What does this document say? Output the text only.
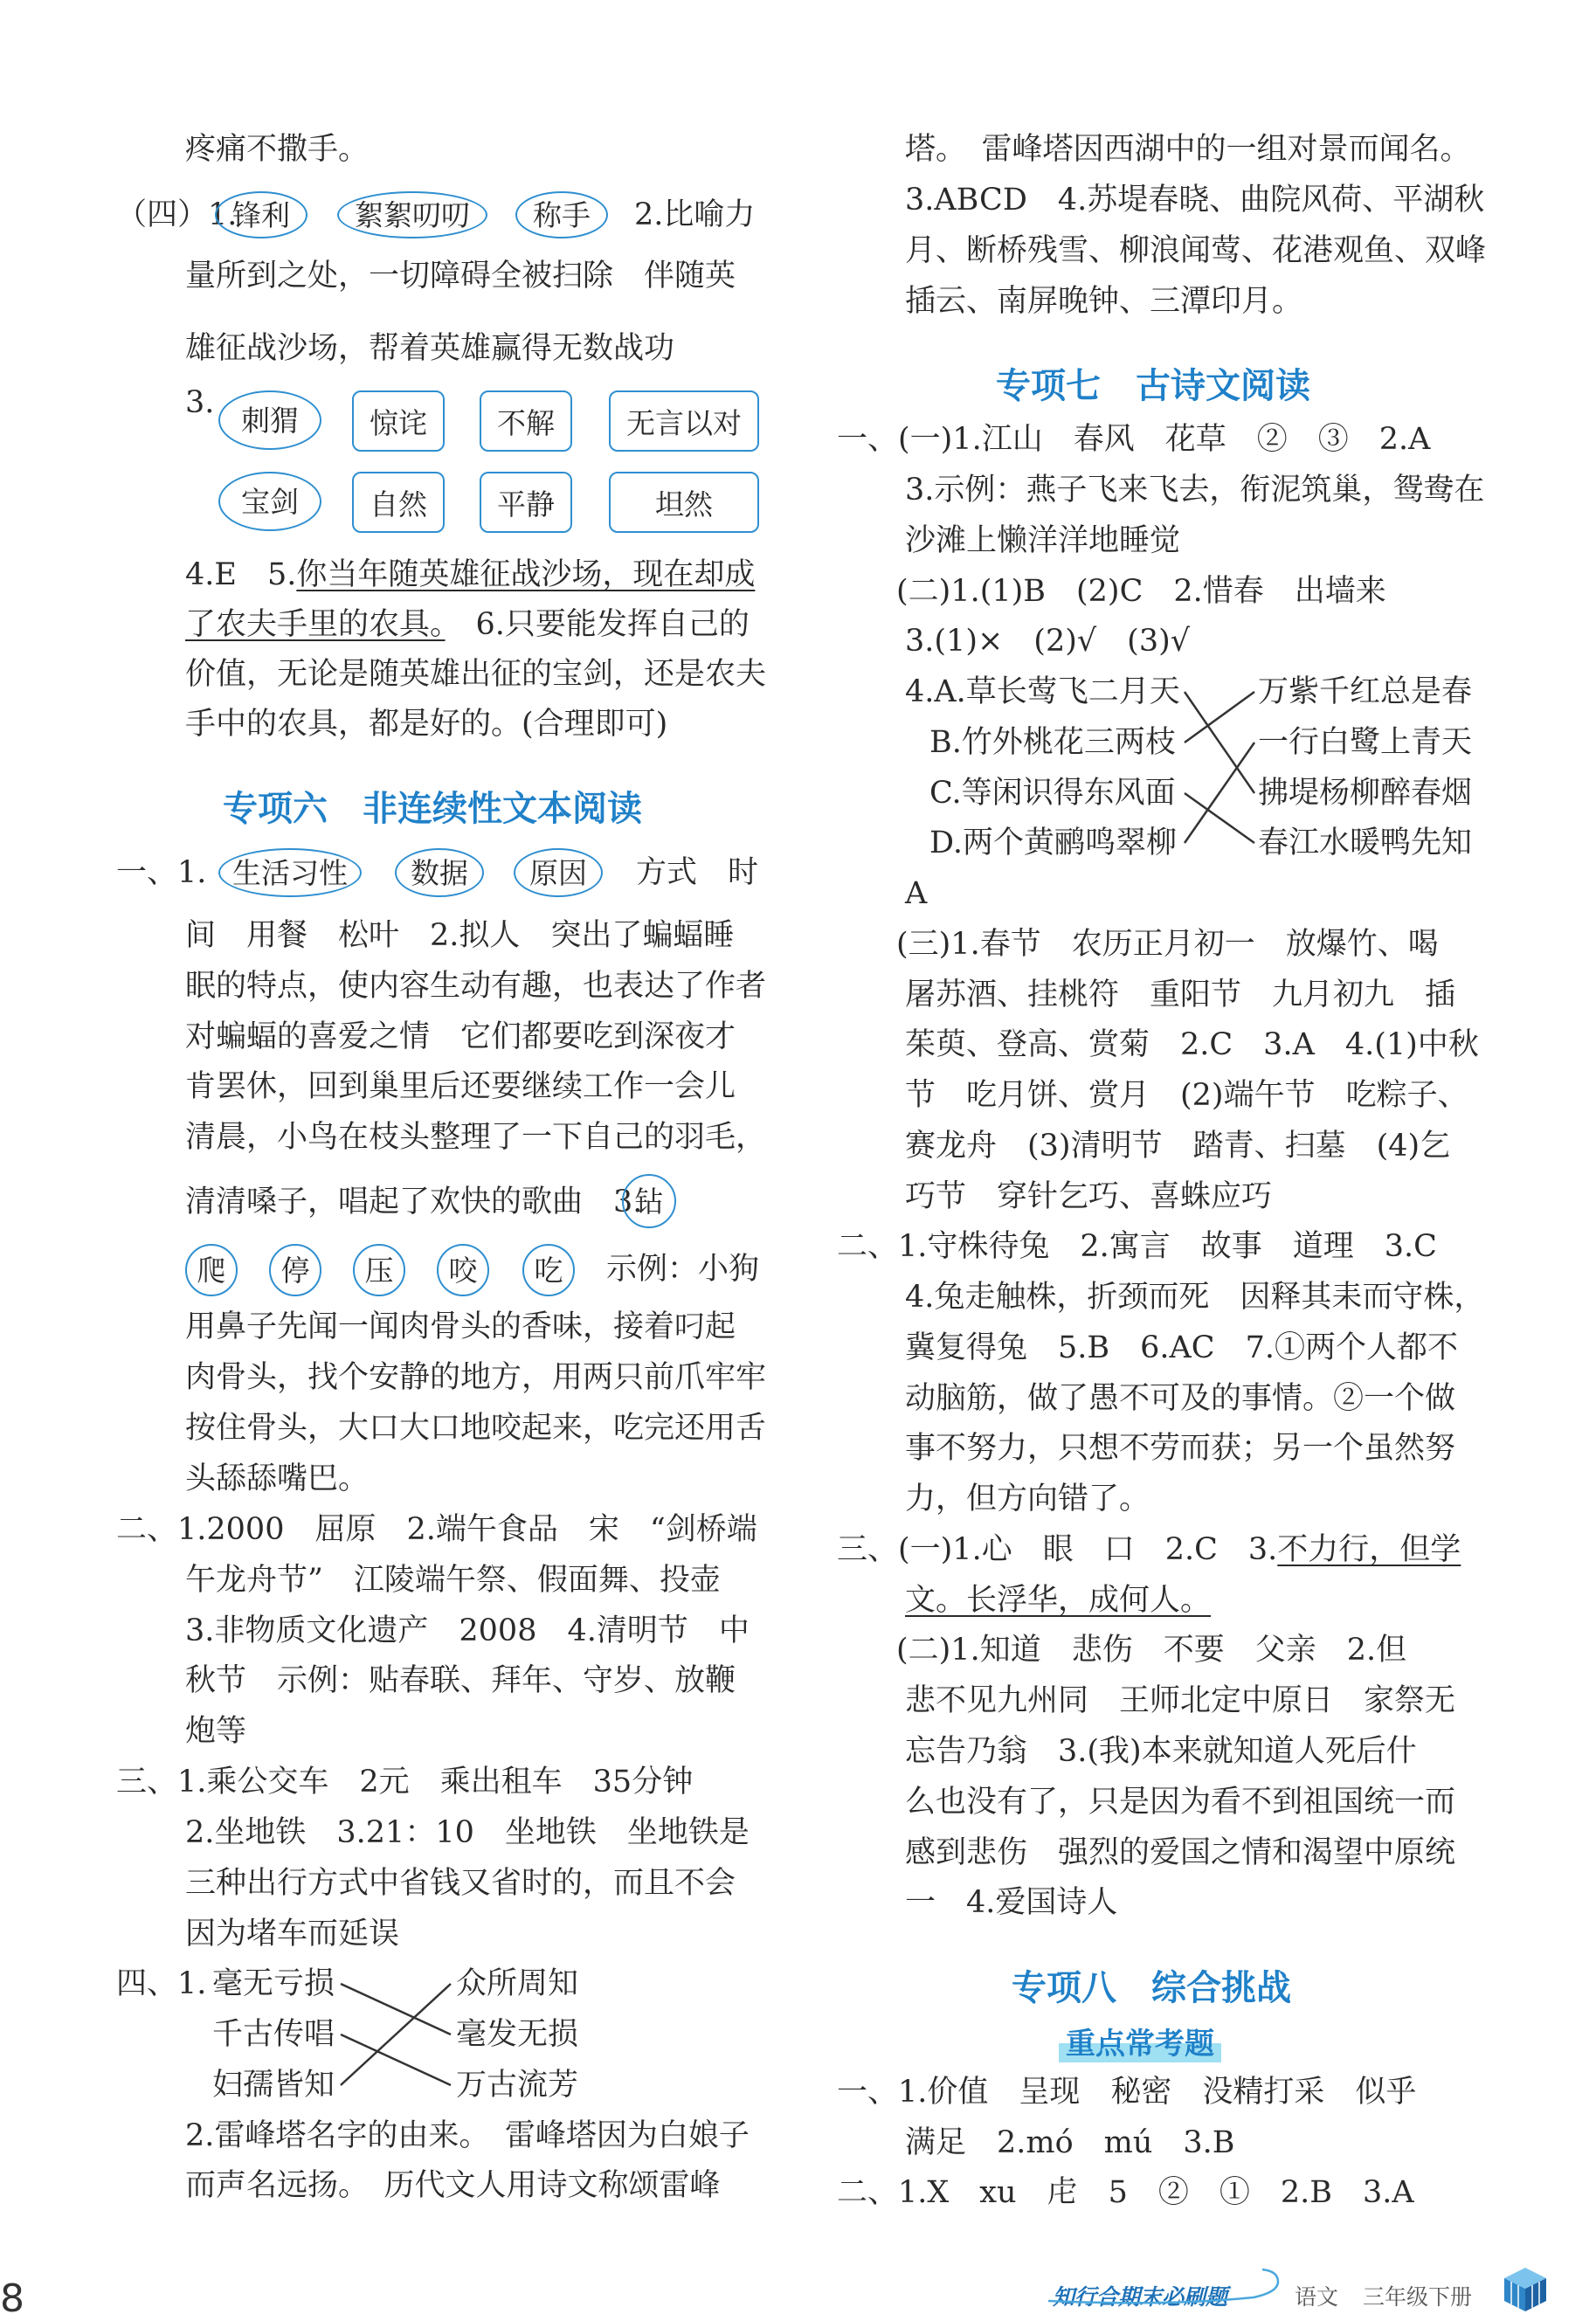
疼痛不撒手。
（四）1.
锋利	絮絮叨叨	称手	2.比喻力
量所到之处，一切障碍全被扫除　伴随英
雄征战沙场，帮着英雄赢得无数战功
3. 刺猬	惊诧	不解	无言以对
宝剑	自然	平静	坦然
4.E　5.你当年随英雄征战沙场，现在却成
了农夫手里的农具。　6.只要能发挥自己的
价值，无论是随英雄出征的宝剑，还是农夫
手中的农具，都是好的。(合理即可)
专项六　非连续性文本阅读
一、1. 生活习性	数据	原因	方式　时
间　用餐　松叶　2.拟人　突出了蝙蝠睡
眠的特点，使内容生动有趣，也表达了作者
对蝙蝠的喜爱之情　它们都要吃到深夜才
肯罢休，回到巢里后还要继续工作一会儿
清晨，小鸟在枝头整理了一下自己的羽毛，
清清嗓子，唱起了欢快的歌曲　3.
钻
爬	停	压	咬	吃	示例：小狗
用鼻子先闻一闻肉骨头的香味，接着叼起
肉骨头，找个安静的地方，用两只前爪牢牢
按住骨头，大口大口地咬起来，吃完还用舌
头舔舔嘴巴。
二、1.2000　屈原　2.端午食品　宋　“剑桥端
午龙舟节”　江陵端午祭、假面舞、投壶
3.非物质文化遗产　2008　4.清明节　中
秋节　示例：贴春联、拜年、守岁、放鞭
炮等
三、1.乘公交车　2元　乘出租车　35分钟
2.坐地铁　3.21：10　坐地铁　坐地铁是
三种出行方式中省钱又省时的，而且不会
因为堵车而延误
四、1. 毫无亏损
千古传唱
妇孺皆知
众所周知
毫发无损
万古流芳
2.雷峰塔名字的由来。　雷峰塔因为白娘子
而声名远扬。　历代文人用诗文称颂雷峰
塔。　雷峰塔因西湖中的一组对景而闻名。
3.ABCD　4.苏堤春晓、曲院风荷、平湖秋
月、断桥残雪、柳浪闻莺、花港观鱼、双峰
插云、南屏晚钟、三潭印月。
专项七　古诗文阅读
一、(一)1.江山　春风　花草　②　③　2.A
3.示例：燕子飞来飞去，衔泥筑巢，鸳鸯在
沙滩上懒洋洋地睡觉
(二)1.(1)B　(2)C　2.惜春　出墙来
3.(1)×　(2)√　(3)√
4.A.草长莺飞二月天
B.竹外桃花三两枝
C.等闲识得东风面
D.两个黄鹂鸣翠柳
万紫千红总是春
一行白鹭上青天
拂堤杨柳醉春烟
春江水暖鸭先知
A
(三)1.春节　农历正月初一　放爆竹、喝
屠苏酒、挂桃符　重阳节　九月初九　插
茱萸、登高、赏菊　2.C　3.A　4.(1)中秋
节　吃月饼、赏月　(2)端午节　吃粽子、
赛龙舟　(3)清明节　踏青、扫墓　(4)乞
巧节　穿针乞巧、喜蛛应巧
二、1.守株待兔　2.寓言　故事　道理　3.C
4.兔走触株，折颈而死　因释其耒而守株，
冀复得兔　5.B　6.AC　7.①两个人都不
动脑筋，做了愚不可及的事情。②一个做
事不努力，只想不劳而获；另一个虽然努
力，但方向错了。
三、(一)1.心　眼　口　2.C　3.不力行，但学
文。长浮华，成何人。
(二)1.知道　悲伤　不要　父亲　2.但
悲不见九州同　王师北定中原日　家祭无
忘告乃翁　3.(我)本来就知道人死后什
么也没有了，只是因为看不到祖国统一而
感到悲伤　强烈的爱国之情和渴望中原统
一　4.爱国诗人
专项八　综合挑战
重点常考题
一、1.价值　呈现　秘密　没精打采　似乎
满足　2.mó　mú　3.B
二、1.X　xu　虍　5　②　①　2.B　3.A
8	知行合期末必刷题	语文 三年级下册
